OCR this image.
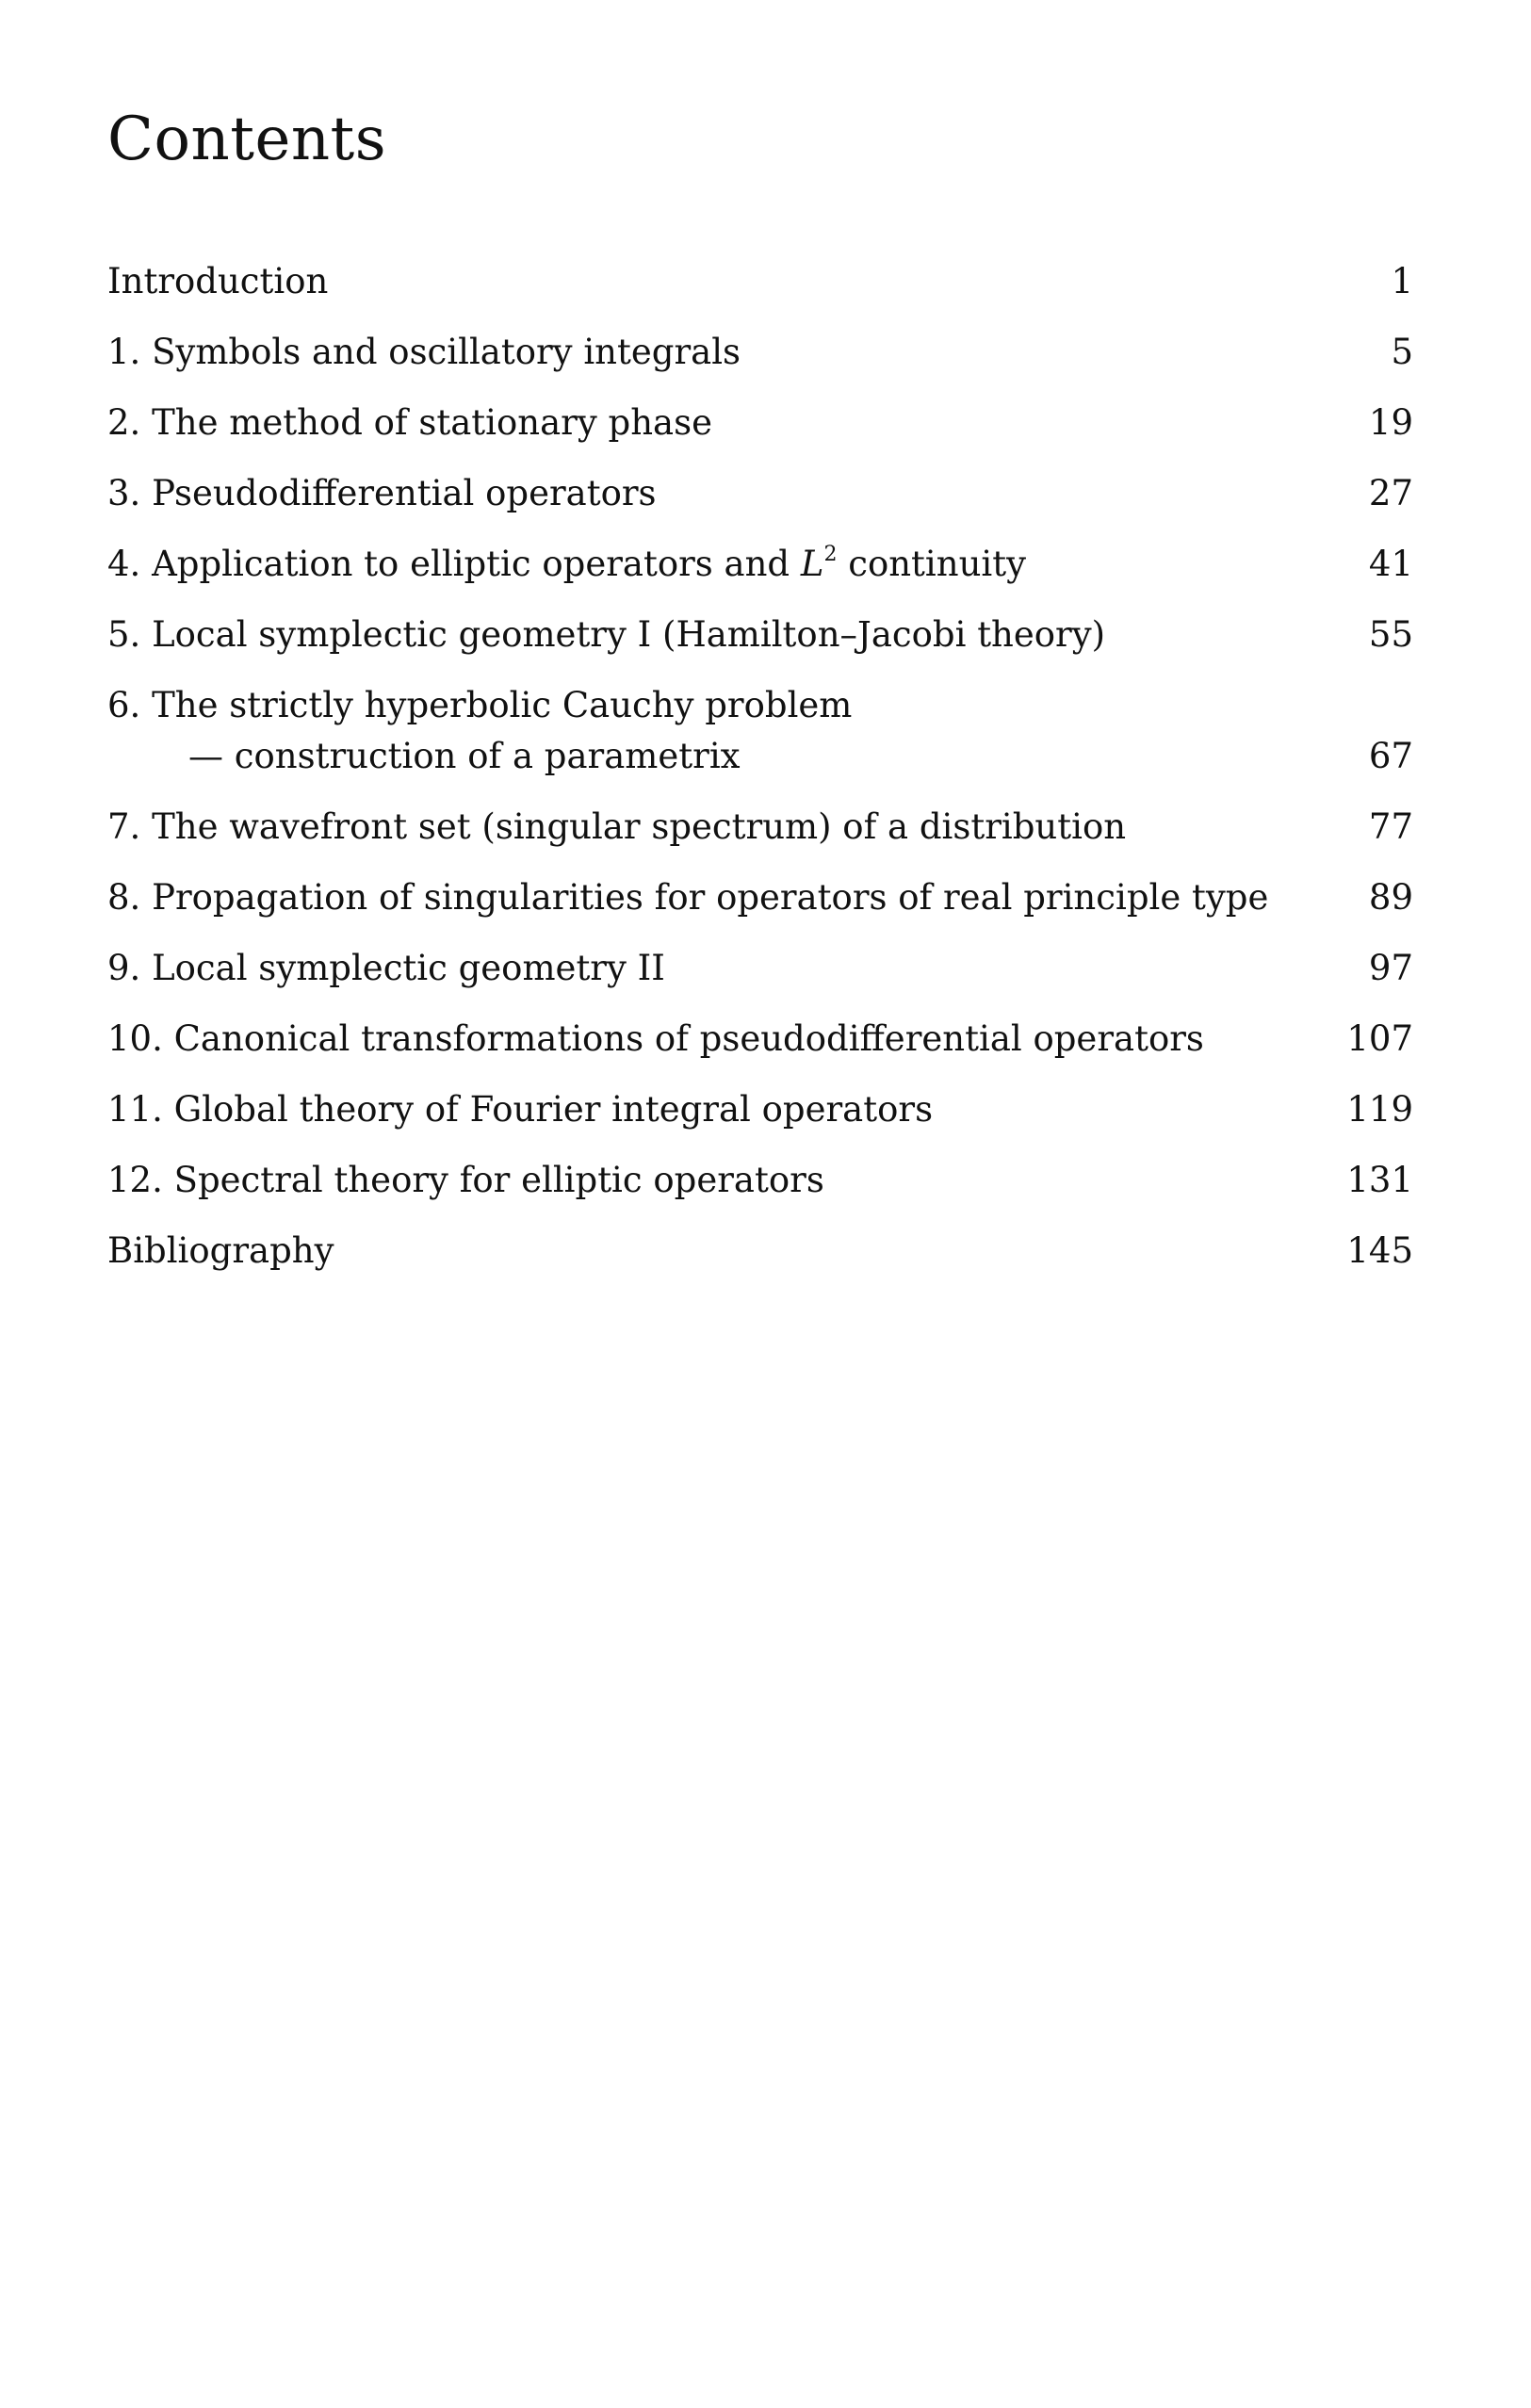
Contents
Introduction	1
1. Symbols and oscillatory integrals	5
2. The method of stationary phase	19
3. Pseudodifferential operators	27
4. Application to elliptic operators and $L^2$ continuity	41
5. Local symplectic geometry I (Hamilton–Jacobi theory)	55
6. The strictly hyperbolic Cauchy problem
— construction of a parametrix	67
7. The wavefront set (singular spectrum) of a distribution	77
8. Propagation of singularities for operators of real principle type	89
9. Local symplectic geometry II	97
10. Canonical transformations of pseudodifferential operators	107
11. Global theory of Fourier integral operators	119
12. Spectral theory for elliptic operators	131
Bibliography	145
